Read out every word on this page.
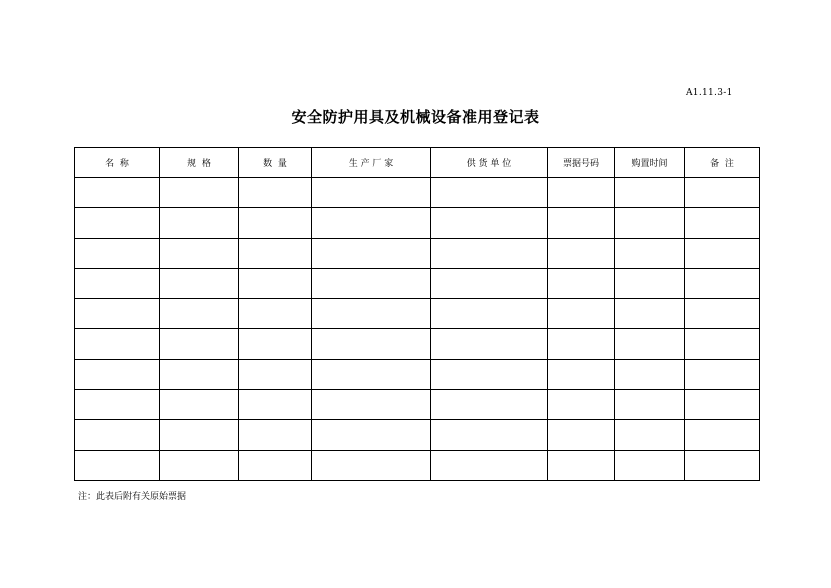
A1.11.3-1
安全防护用具及机械设备准用登记表
名  称	规  格	数  量	生 产 厂 家	供 货 单 位	票据号码	购置时间	备  注

注：此表后附有关原始票据
